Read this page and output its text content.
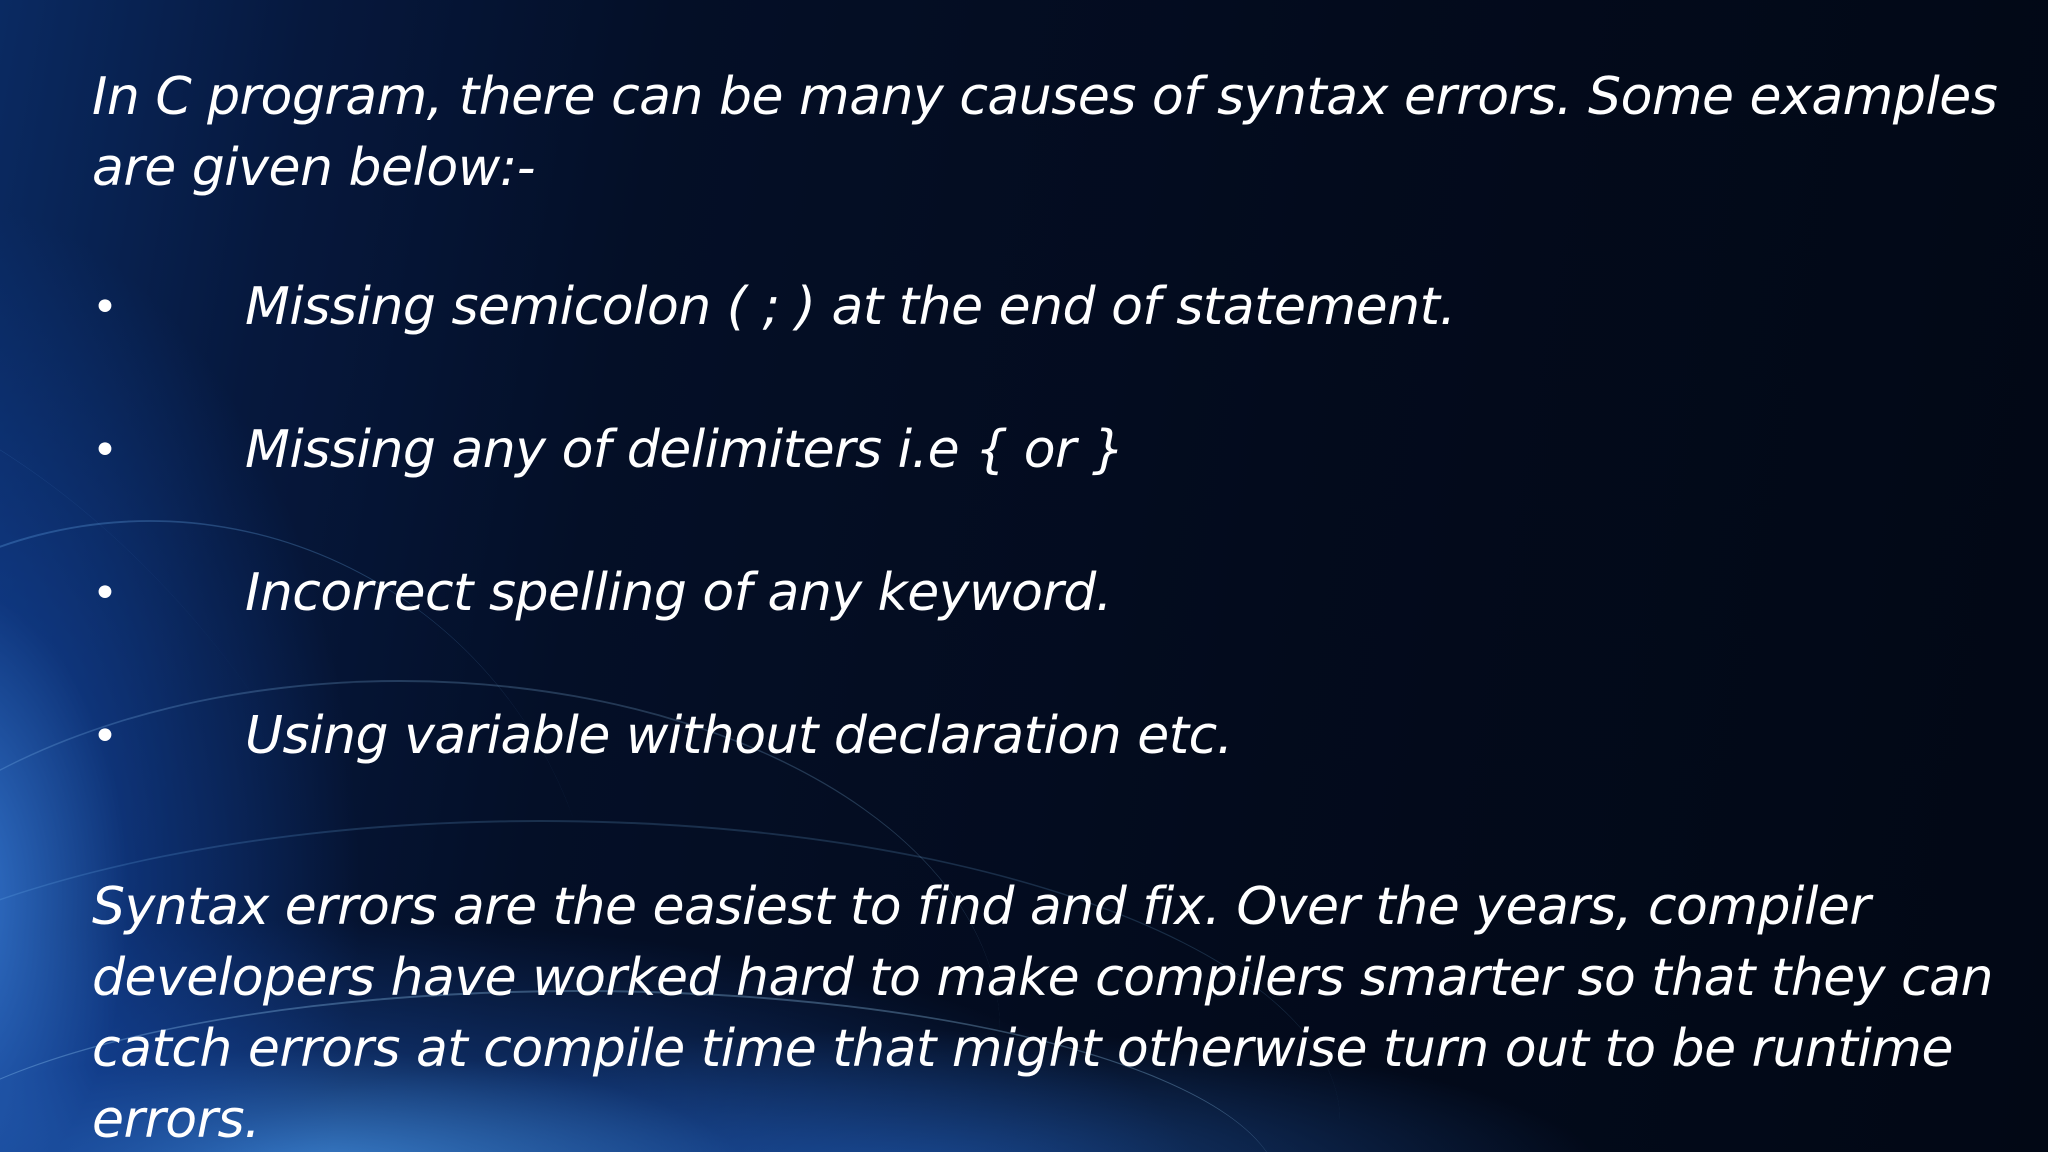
In C program, there can be many causes of syntax errors. Some examples are given below:-

• Missing semicolon ( ; ) at the end of statement.
• Missing any of delimiters i.e { or }
• Incorrect spelling of any keyword.
• Using variable without declaration etc.

Syntax errors are the easiest to find and fix. Over the years, compiler developers have worked hard to make compilers smarter so that they can catch errors at compile time that might otherwise turn out to be runtime errors.
